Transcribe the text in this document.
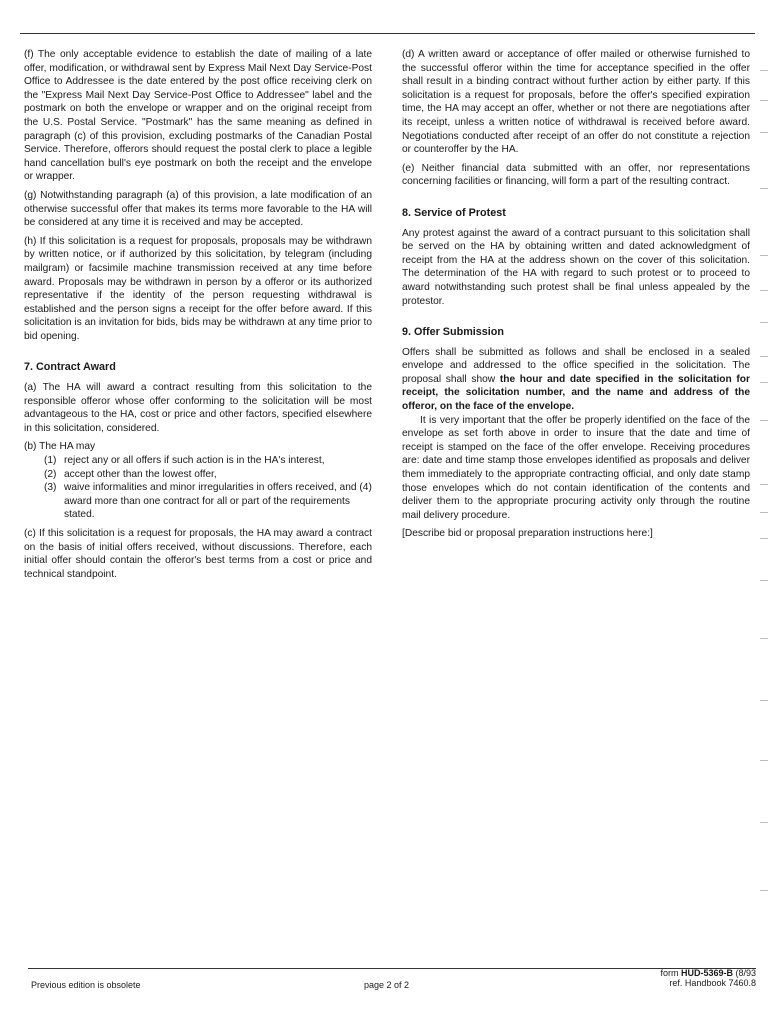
(f) The only acceptable evidence to establish the date of mailing of a late offer, modification, or withdrawal sent by Express Mail Next Day Service-Post Office to Addressee is the date entered by the post office receiving clerk on the "Express Mail Next Day Service-Post Office to Addressee" label and the postmark on both the envelope or wrapper and on the original receipt from the U.S. Postal Service. "Postmark" has the same meaning as defined in paragraph (c) of this provision, excluding postmarks of the Canadian Postal Service. Therefore, offerors should request the postal clerk to place a legible hand cancellation bull's eye postmark on both the receipt and the envelope or wrapper.

(g) Notwithstanding paragraph (a) of this provision, a late modification of an otherwise successful offer that makes its terms more favorable to the HA will be considered at any time it is received and may be accepted.

(h) If this solicitation is a request for proposals, proposals may be withdrawn by written notice, or if authorized by this solicitation, by telegram (including mailgram) or facsimile machine transmission received at any time before award. Proposals may be withdrawn in person by a offeror or its authorized representative if the identity of the person requesting withdrawal is established and the person signs a receipt for the offer before award. If this solicitation is an invitation for bids, bids may be withdrawn at any time prior to bid opening.

7. Contract Award

(a) The HA will award a contract resulting from this solicitation to the responsible offeror whose offer conforming to the solicitation will be most advantageous to the HA, cost or price and other factors, specified elsewhere in this solicitation, considered.

(b) The HA may

(1) reject any or all offers if such action is in the HA's interest,
(2) accept other than the lowest offer,
(3) waive informalities and minor irregularities in offers received, and (4) award more than one contract for all or part of the requirements stated.

(c) If this solicitation is a request for proposals, the HA may award a contract on the basis of initial offers received, without discussions. Therefore, each initial offer should contain the offeror's best terms from a cost or price and technical standpoint.

(d) A written award or acceptance of offer mailed or otherwise furnished to the successful offeror within the time for acceptance specified in the offer shall result in a binding contract without further action by either party. If this solicitation is a request for proposals, before the offer's specified expiration time, the HA may accept an offer, whether or not there are negotiations after its receipt, unless a written notice of withdrawal is received before award. Negotiations conducted after receipt of an offer do not constitute a rejection or counteroffer by the HA.

(e) Neither financial data submitted with an offer, nor representations concerning facilities or financing, will form a part of the resulting contract.

8. Service of Protest

Any protest against the award of a contract pursuant to this solicitation shall be served on the HA by obtaining written and dated acknowledgment of receipt from the HA at the address shown on the cover of this solicitation. The determination of the HA with regard to such protest or to proceed to award notwithstanding such protest shall be final unless appealed by the protestor.

9. Offer Submission

Offers shall be submitted as follows and shall be enclosed in a sealed envelope and addressed to the office specified in the solicitation. The proposal shall show the hour and date specified in the solicitation for receipt, the solicitation number, and the name and address of the offeror, on the face of the envelope.

It is very important that the offer be properly identified on the face of the envelope as set forth above in order to insure that the date and time of receipt is stamped on the face of the offer envelope. Receiving procedures are: date and time stamp those envelopes identified as proposals and deliver them immediately to the appropriate contracting official, and only date stamp those envelopes which do not contain identification of the contents and deliver them to the appropriate procuring activity only through the routine mail delivery procedure.

[Describe bid or proposal preparation instructions here:]

Previous edition is obsolete	page 2 of 2
form HUD-5369-B (8/93
ref. Handbook 7460.8
